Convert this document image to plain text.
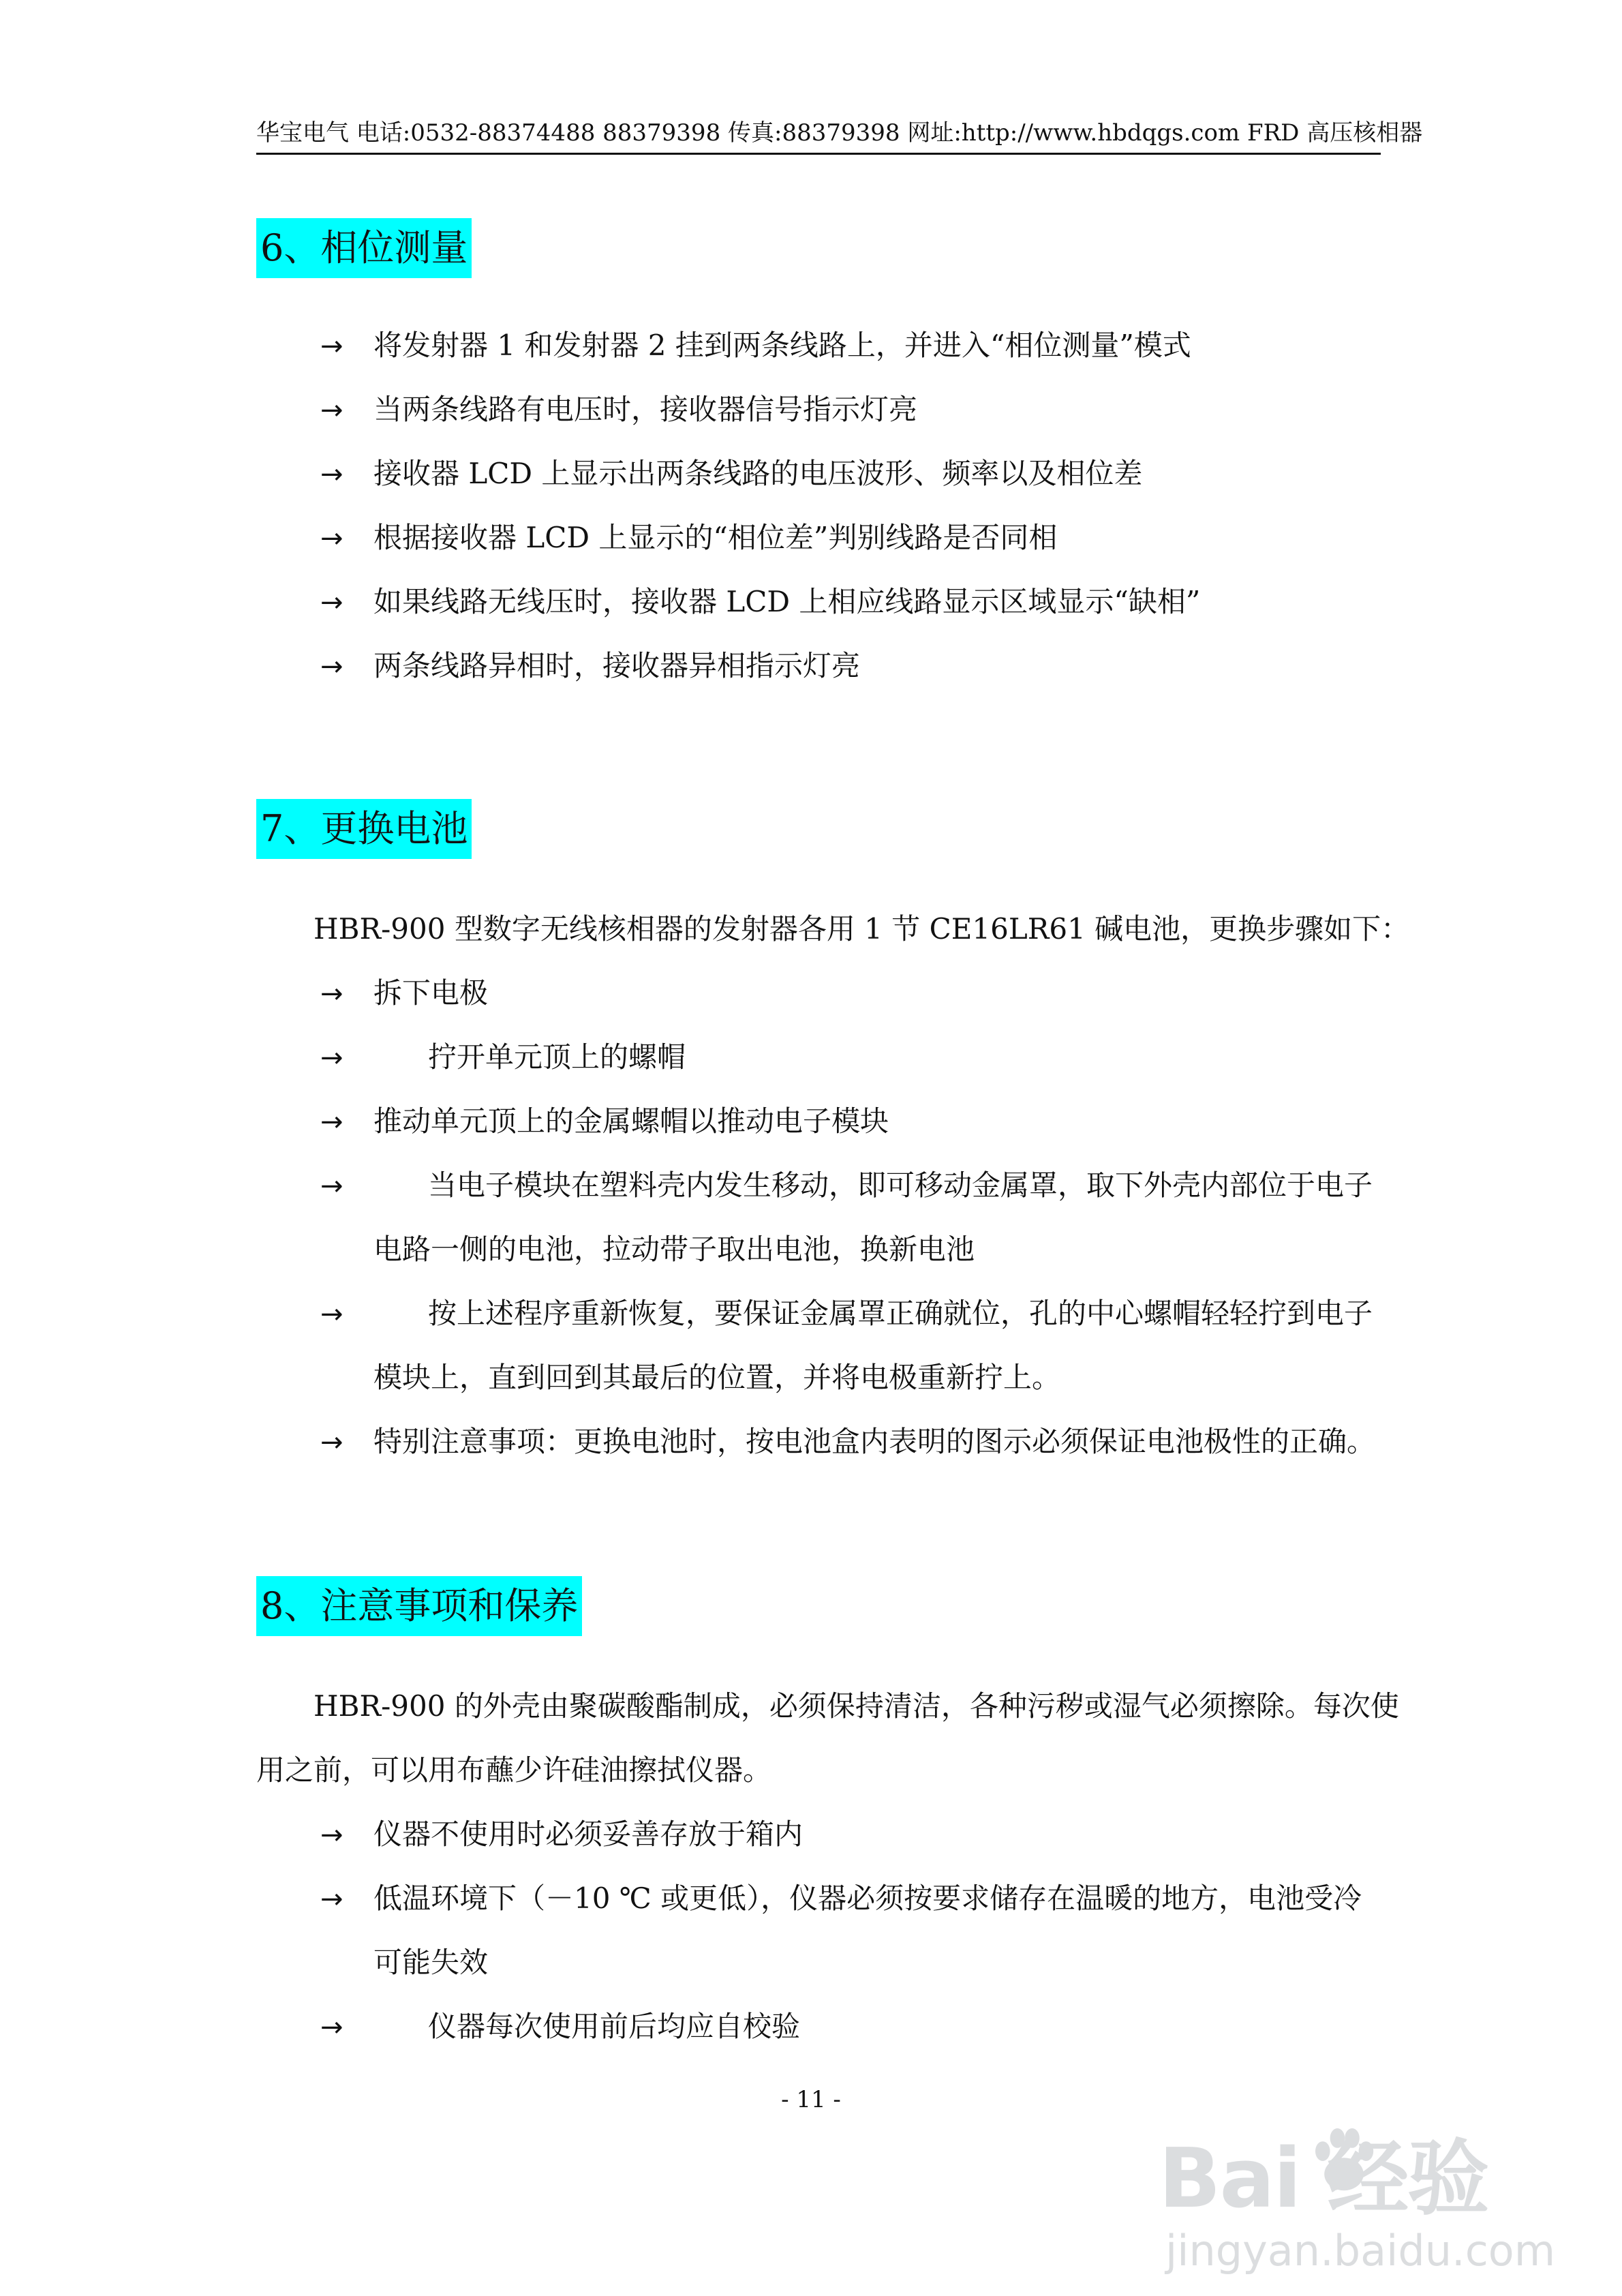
华宝电气 电话:0532-88374488 88379398 传真:88379398 网址:http://www.hbdqgs.com FRD 高压核相器
6、相位测量
→ 将发射器 1 和发射器 2 挂到两条线路上，并进入“相位测量”模式
→ 当两条线路有电压时，接收器信号指示灯亮
→ 接收器 LCD 上显示出两条线路的电压波形、频率以及相位差
→ 根据接收器 LCD 上显示的“相位差”判别线路是否同相
→ 如果线路无线压时，接收器 LCD 上相应线路显示区域显示“缺相”
→ 两条线路异相时，接收器异相指示灯亮
7、更换电池
HBR-900 型数字无线核相器的发射器各用 1 节 CE16LR61 碱电池，更换步骤如下：
→ 拆下电极
→	拧开单元顶上的螺帽
→ 推动单元顶上的金属螺帽以推动电子模块
→	当电子模块在塑料壳内发生移动，即可移动金属罩，取下外壳内部位于电子
电路一侧的电池，拉动带子取出电池，换新电池
→	按上述程序重新恢复，要保证金属罩正确就位，孔的中心螺帽轻轻拧到电子
模块上，直到回到其最后的位置，并将电极重新拧上。
→ 特别注意事项：更换电池时，按电池盒内表明的图示必须保证电池极性的正确。
8、注意事项和保养
HBR-900 的外壳由聚碳酸酯制成，必须保持清洁，各种污秽或湿气必须擦除。每次使
用之前，可以用布蘸少许硅油擦拭仪器。
→ 仪器不使用时必须妥善存放于箱内
→ 低温环境下（－10 ℃ 或更低），仪器必须按要求储存在温暖的地方，电池受冷
可能失效
→	仪器每次使用前后均应自校验
- 11 -
Bai 经验
jingyan.baidu.com
